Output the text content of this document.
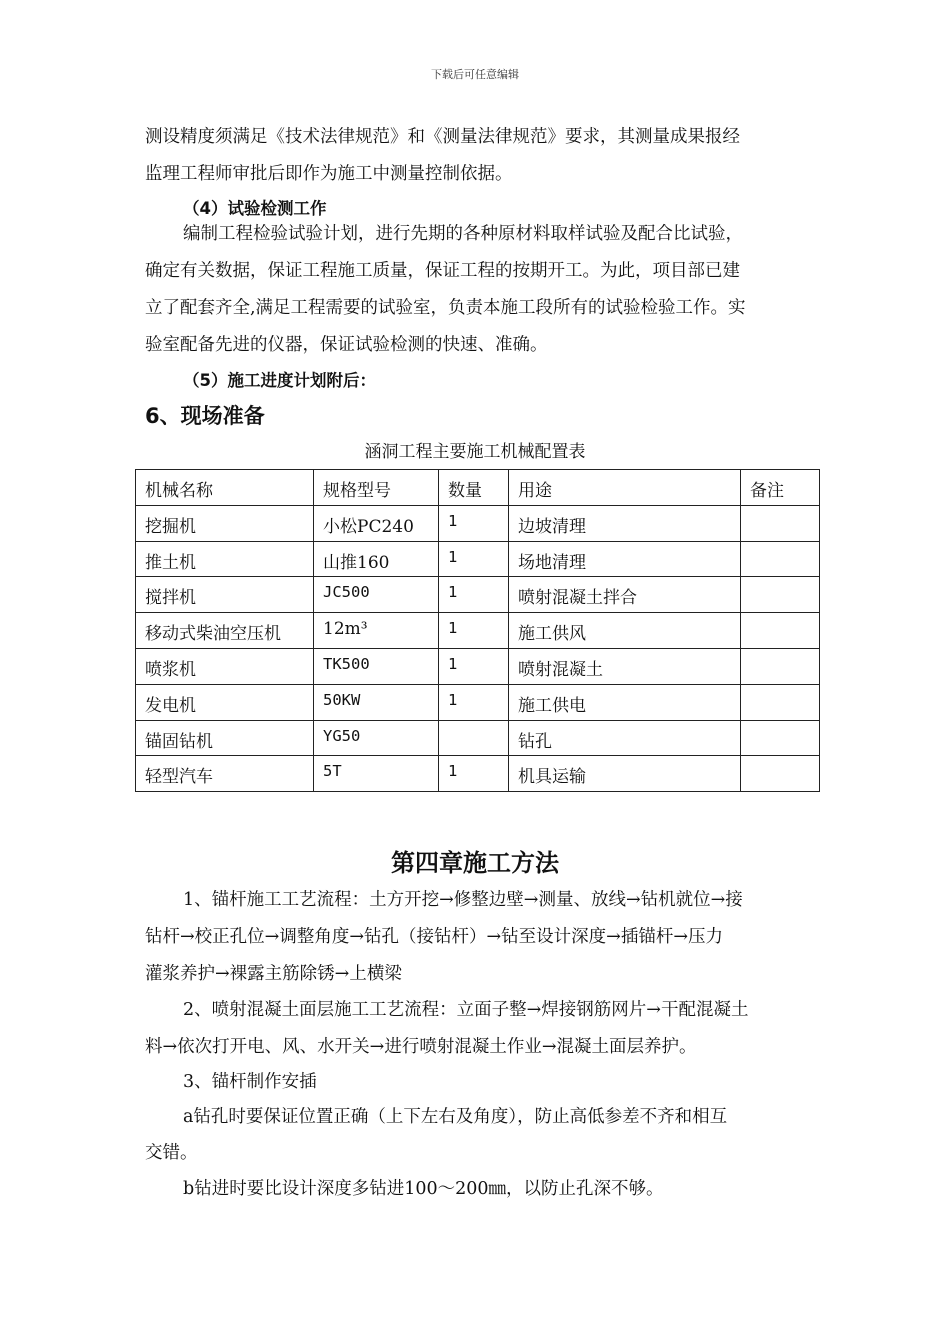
下载后可任意编辑
测设精度须满足《技术法律规范》和《测量法律规范》要求，其测量成果报经
监理工程师审批后即作为施工中测量控制依据。
（4）试验检测工作
编制工程检验试验计划，进行先期的各种原材料取样试验及配合比试验，
确定有关数据，保证工程施工质量，保证工程的按期开工。为此，项目部已建
立了配套齐全,满足工程需要的试验室，负责本施工段所有的试验检验工作。实
验室配备先进的仪器，保证试验检测的快速、准确。
（5）施工进度计划附后：
6、现场准备
涵洞工程主要施工机械配置表
机械名称	规格型号	数量	用途	备注
挖掘机	小松PC240	1	边坡清理	
推土机	山推160	1	场地清理	
搅拌机	JC500	1	喷射混凝土拌合	
移动式柴油空压机	12m³	1	施工供风	
喷浆机	TK500	1	喷射混凝土	
发电机	50KW	1	施工供电	
锚固钻机	YG50		钻孔	
轻型汽车	5T	1	机具运输	
第四章施工方法
1、锚杆施工工艺流程：土方开挖→修整边壁→测量、放线→钻机就位→接
钻杆→校正孔位→调整角度→钻孔（接钻杆）→钻至设计深度→插锚杆→压力
灌浆养护→裸露主筋除锈→上横梁
2、喷射混凝土面层施工工艺流程：立面子整→焊接钢筋网片→干配混凝土
料→依次打开电、风、水开关→进行喷射混凝土作业→混凝土面层养护。
3、锚杆制作安插
a钻孔时要保证位置正确（上下左右及角度），防止高低参差不齐和相互
交错。
b钻进时要比设计深度多钻进100～200㎜，以防止孔深不够。
